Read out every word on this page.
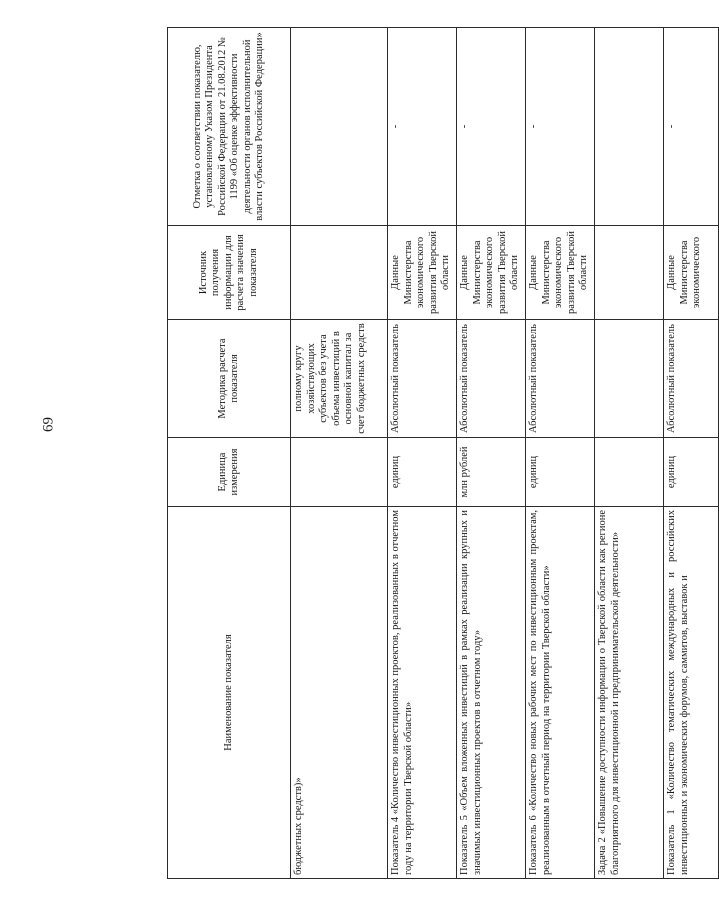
69
Наименование показателя	Единица измерения	Методика расчета показателя	Источник получения информации для расчета значения показателя	Отметка о соответствии показателю, установленному Указом Президента Российской Федерации от 21.08.2012 № 1199 «Об оценке эффективности деятельности органов исполнительной власти субъектов Российской Федерации»
бюджетных средств)»		полному кругу хозяйствующих субъектов без учета объема инвестиций в основной капитал за счет бюджетных средств		
Показатель 4 «Количество инвестиционных проектов, реализованных в отчетном году на территории Тверской области»	единиц	Абсолютный показатель	Данные Министерства экономического развития Тверской области	-
Показатель 5 «Объем вложенных инвестиций в рамках реализации крупных и значимых инвестиционных проектов в отчетном году»	млн рублей	Абсолютный показатель	Данные Министерства экономического развития Тверской области	-
Показатель 6 «Количество новых рабочих мест по инвестиционным проектам, реализованным в отчетный период на территории Тверской области»	единиц	Абсолютный показатель	Данные Министерства экономического развития Тверской области	-
Задача 2 «Повышение доступности информации о Тверской области как регионе благоприятного для инвестиционной и предпринимательской деятельности»				
Показатель 1 «Количество тематических международных и российских инвестиционных и экономических форумов, саммитов, выставок и	единиц	Абсолютный показатель	Данные Министерства экономического	-
